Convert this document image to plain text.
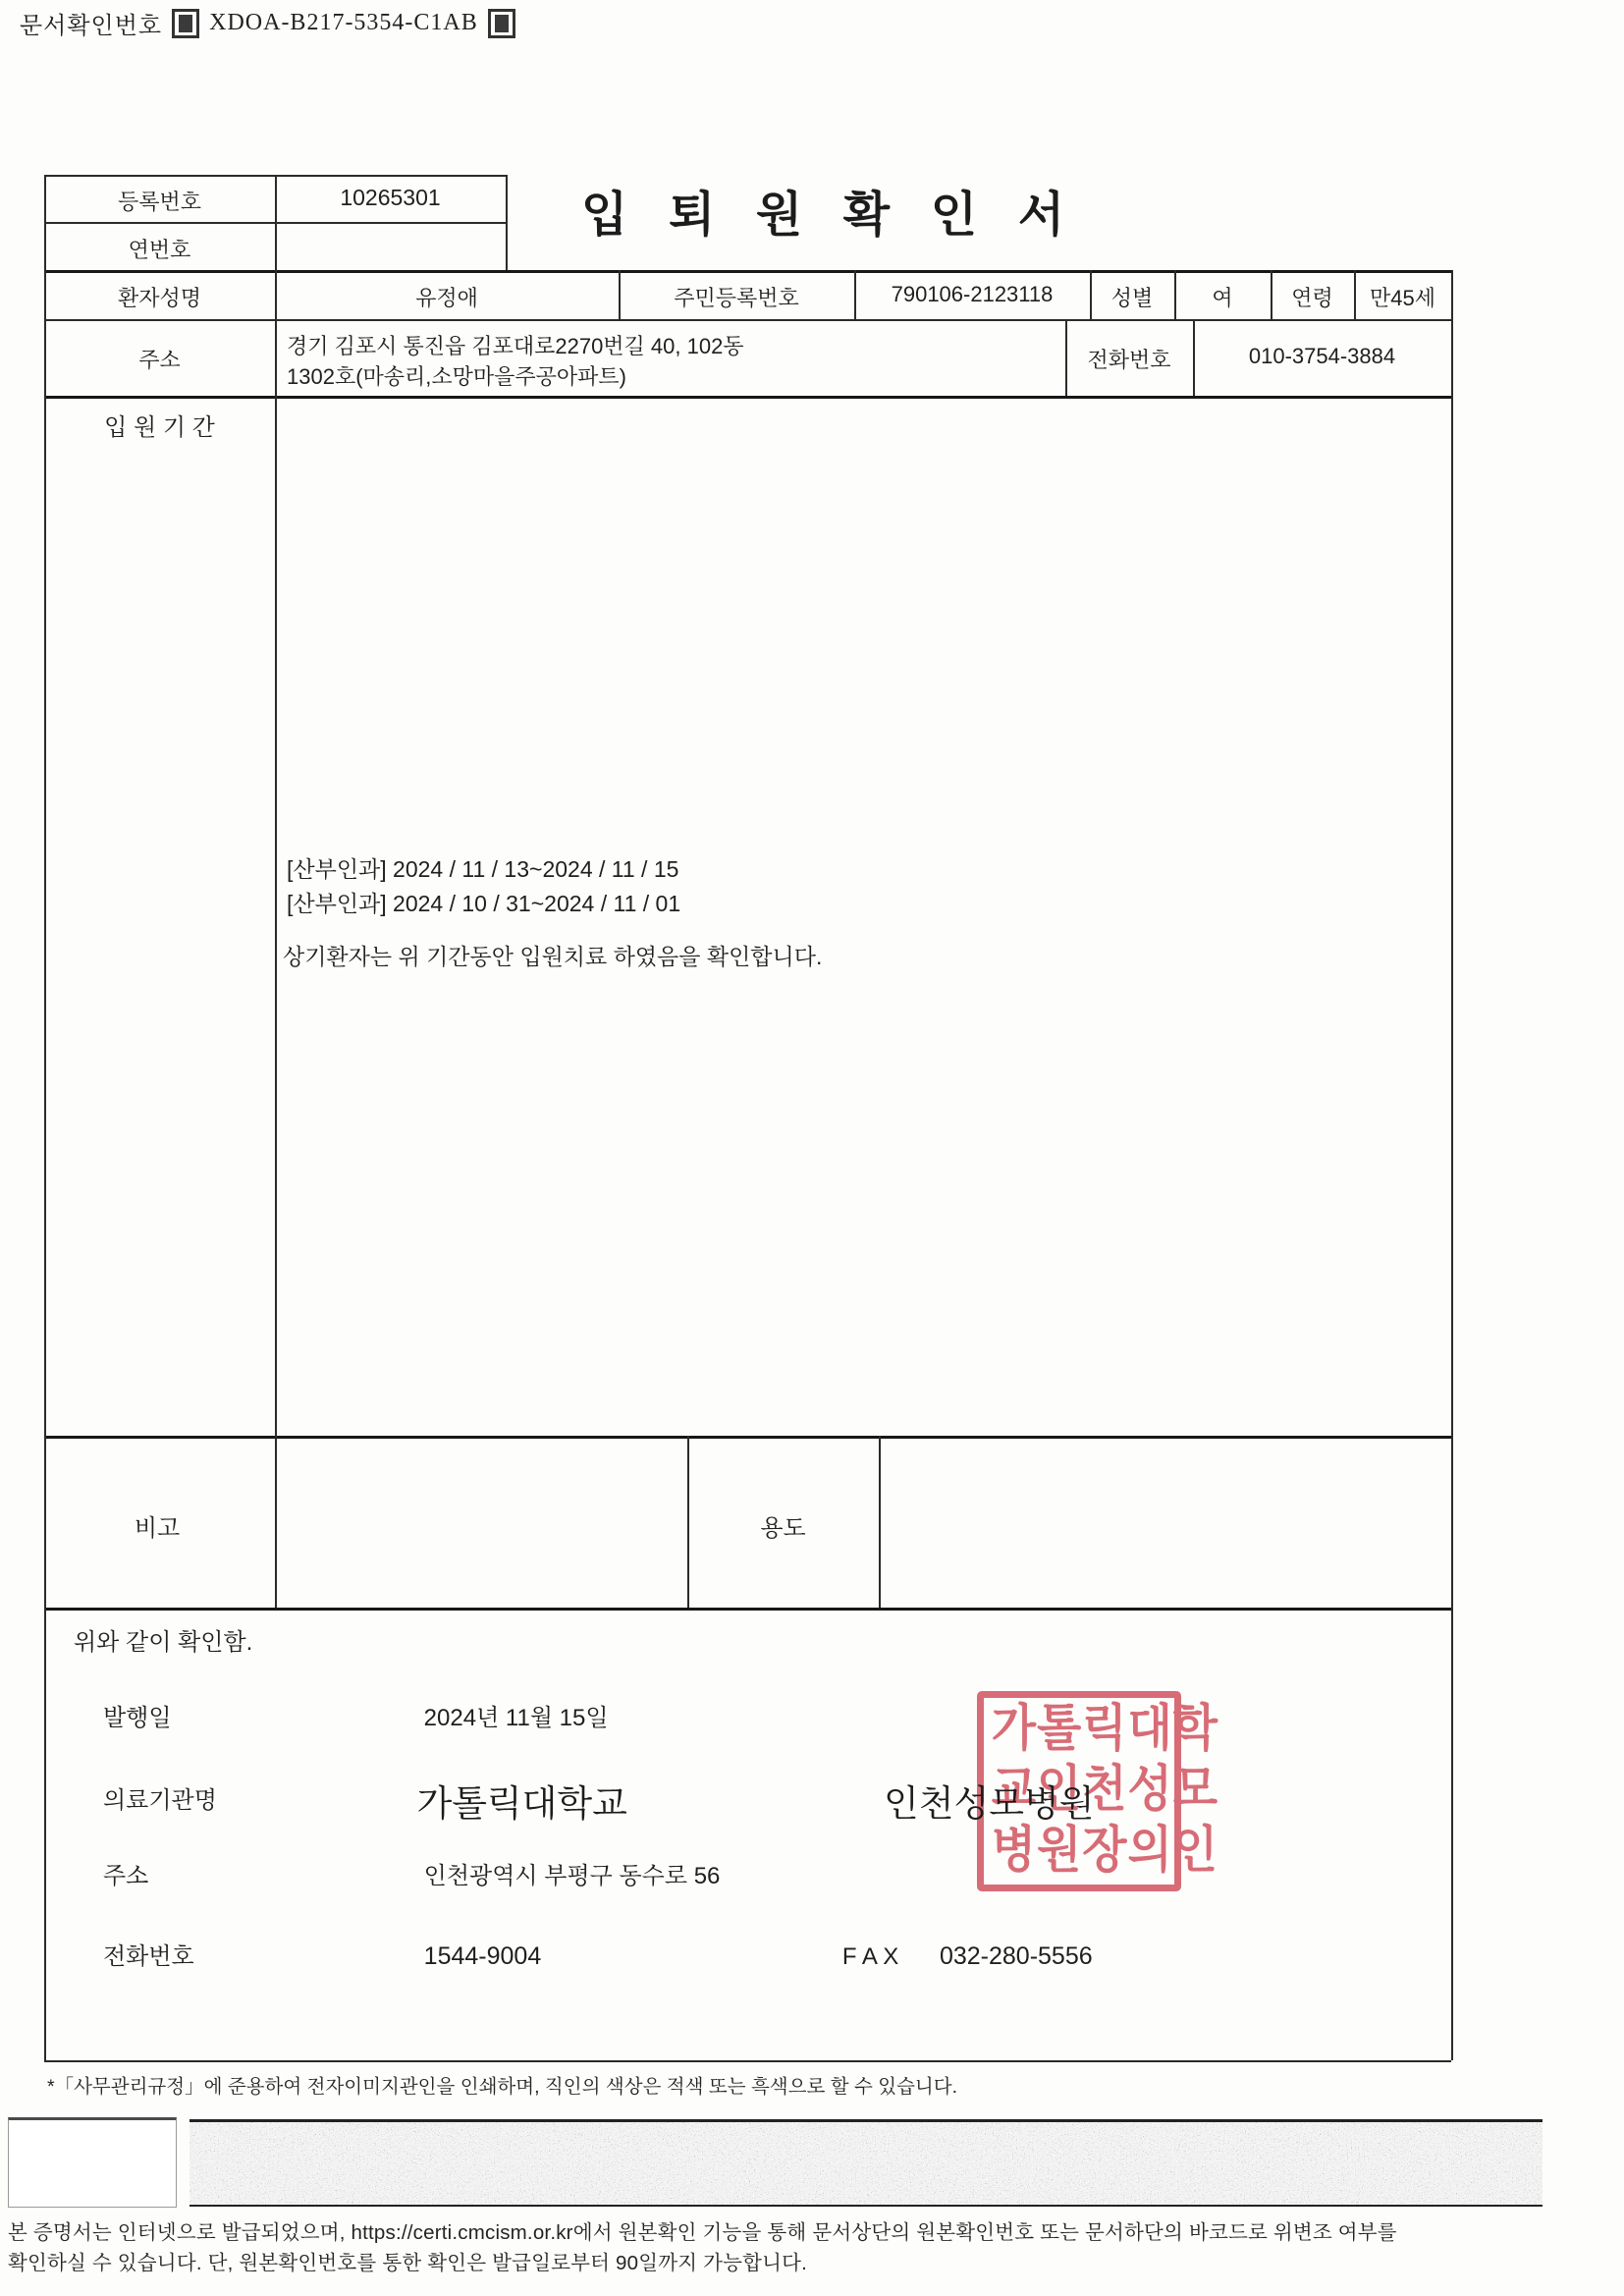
문서확인번호 XDOA-B217-5354-C1AB
등록번호	10265301
연번호
입 퇴 원 확 인 서
환자성명	유정애	주민등록번호	790106-2123118	성별	여	연령	만45세
주소
경기 김포시 통진읍 김포대로2270번길 40, 102동
1302호(마송리,소망마을주공아파트)
전화번호	010-3754-3884
입 원 기 간
[산부인과] 2024 / 11 / 13~2024 / 11 / 15
[산부인과] 2024 / 10 / 31~2024 / 11 / 01
상기환자는 위 기간동안 입원치료 하였음을 확인합니다.
비고	용도
위와 같이 확인함.
발행일	2024년 11월 15일
의료기관명	가톨릭대학교 인천성모병원
주소	인천광역시 부평구 동수로 56
전화번호	1544-9004	F A X 032-280-5556
가톨릭대학
교인천성모
병원장의인
*「사무관리규정」에 준용하여 전자이미지관인을 인쇄하며, 직인의 색상은 적색 또는 흑색으로 할 수 있습니다.
본 증명서는 인터넷으로 발급되었으며, https://certi.cmcism.or.kr에서 원본확인 기능을 통해 문서상단의 원본확인번호 또는 문서하단의 바코드로 위변조 여부를
확인하실 수 있습니다. 단, 원본확인번호를 통한 확인은 발급일로부터 90일까지 가능합니다.
